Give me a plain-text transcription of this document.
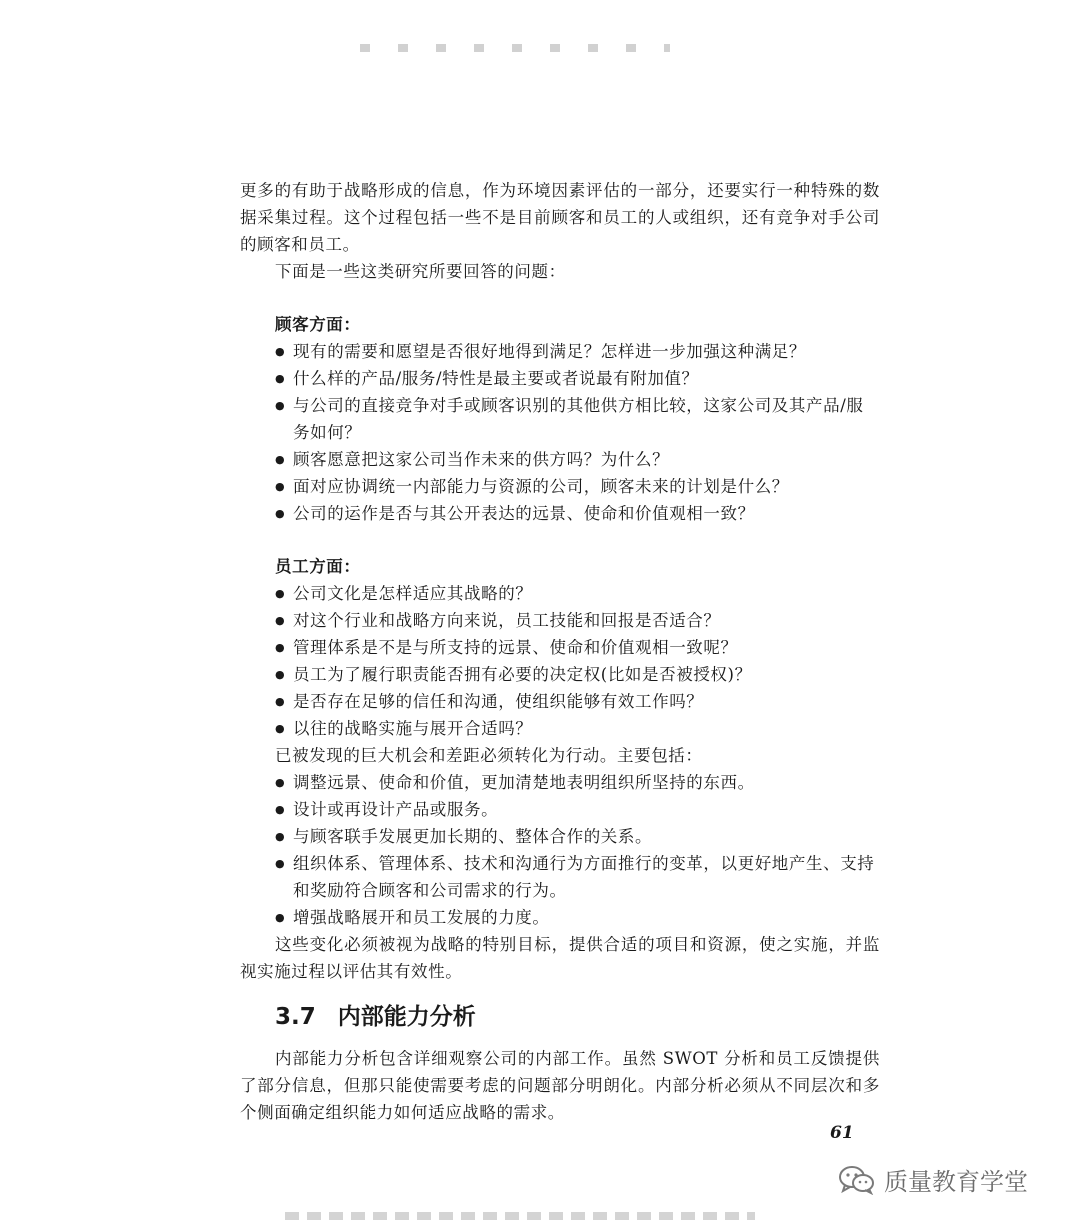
更多的有助于战略形成的信息，作为环境因素评估的一部分，还要实行一种特殊的数据采集过程。这个过程包括一些不是目前顾客和员工的人或组织，还有竞争对手公司的顾客和员工。

下面是一些这类研究所要回答的问题：

顾客方面：
● 现有的需要和愿望是否很好地得到满足？怎样进一步加强这种满足？
● 什么样的产品/服务/特性是最主要或者说最有附加值？
● 与公司的直接竞争对手或顾客识别的其他供方相比较，这家公司及其产品/服务如何？
● 顾客愿意把这家公司当作未来的供方吗？为什么？
● 面对应协调统一内部能力与资源的公司，顾客未来的计划是什么？
● 公司的运作是否与其公开表达的远景、使命和价值观相一致？
员工方面：
● 公司文化是怎样适应其战略的？
● 对这个行业和战略方向来说，员工技能和回报是否适合？
● 管理体系是不是与所支持的远景、使命和价值观相一致呢？
● 员工为了履行职责能否拥有必要的决定权(比如是否被授权)？
● 是否存在足够的信任和沟通，使组织能够有效工作吗？
● 以往的战略实施与展开合适吗？

已被发现的巨大机会和差距必须转化为行动。主要包括：

● 调整远景、使命和价值，更加清楚地表明组织所坚持的东西。
● 设计或再设计产品或服务。
● 与顾客联手发展更加长期的、整体合作的关系。
● 组织体系、管理体系、技术和沟通行为方面推行的变革，以更好地产生、支持和奖励符合顾客和公司需求的行为。
● 增强战略展开和员工发展的力度。

这些变化必须被视为战略的特别目标，提供合适的项目和资源，使之实施，并监视实施过程以评估其有效性。

3.7 内部能力分析

内部能力分析包含详细观察公司的内部工作。虽然 SWOT 分析和员工反馈提供了部分信息，但那只能使需要考虑的问题部分明朗化。内部分析必须从不同层次和多个侧面确定组织能力如何适应战略的需求。

61
质量教育学堂
